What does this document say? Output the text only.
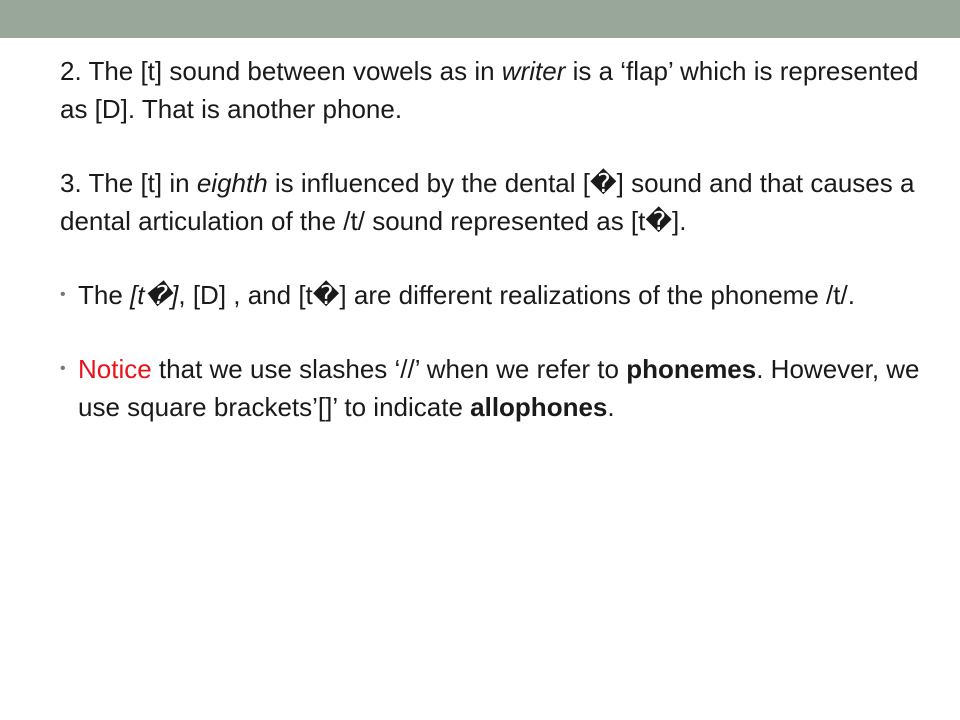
2. The [t] sound between vowels as in writer is a ‘flap’ which is represented as [D]. That is another phone.

3. The [t] in eighth is influenced by the dental [�] sound and that causes a dental articulation of the /t/ sound represented as [t�].

• The [t�], [D] , and [t�] are different realizations of the phoneme /t/.
• Notice that we use slashes ‘//’ when we refer to phonemes. However, we use square brackets’[]’ to indicate allophones.
